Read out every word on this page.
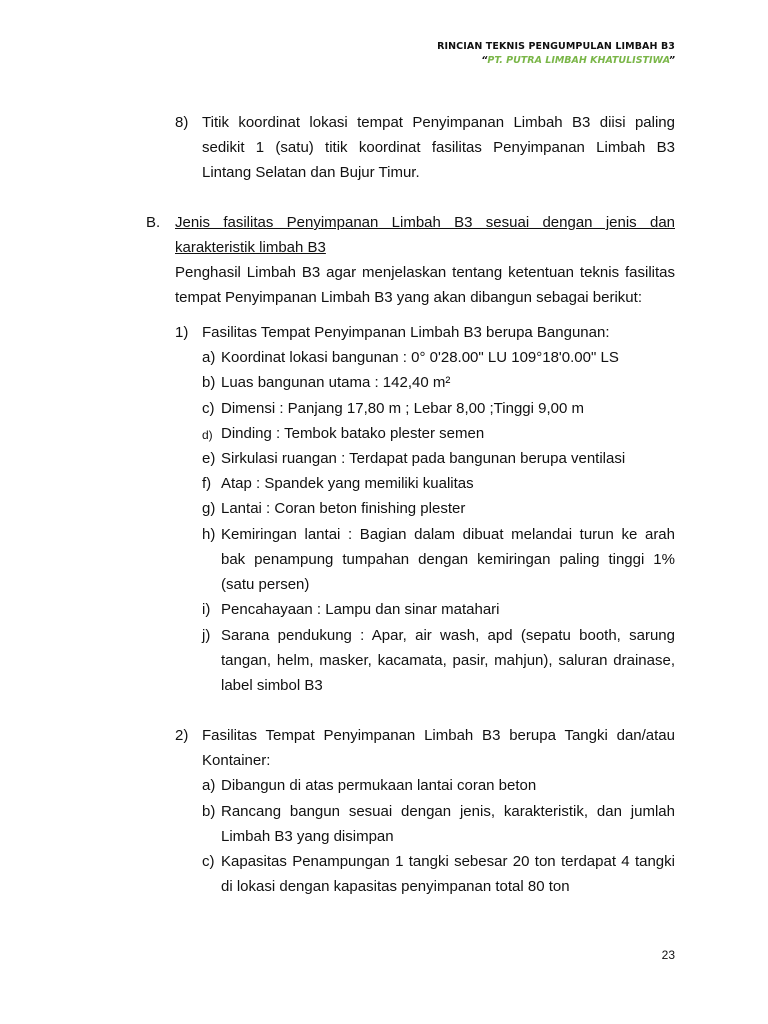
RINCIAN TEKNIS PENGUMPULAN LIMBAH B3
“PT. PUTRA LIMBAH KHATULISTIWA”
8) Titik koordinat lokasi tempat Penyimpanan Limbah B3 diisi paling
sedikit 1 (satu) titik koordinat fasilitas Penyimpanan Limbah B3
Lintang Selatan dan Bujur Timur.
B. Jenis fasilitas Penyimpanan Limbah B3 sesuai dengan jenis dan
karakteristik limbah B3
Penghasil Limbah B3 agar menjelaskan tentang ketentuan teknis fasilitas
tempat Penyimpanan Limbah B3 yang akan dibangun sebagai berikut:
1) Fasilitas Tempat Penyimpanan Limbah B3 berupa Bangunan:
a) Koordinat lokasi bangunan : 0° 0'28.00" LU 109°18'0.00" LS
b) Luas bangunan utama : 142,40 m²
c) Dimensi : Panjang 17,80 m ; Lebar 8,00 ;Tinggi 9,00 m
d) Dinding : Tembok batako plester semen
e) Sirkulasi ruangan : Terdapat pada bangunan berupa ventilasi
f) Atap : Spandek yang memiliki kualitas
g) Lantai : Coran beton finishing plester
h) Kemiringan lantai : Bagian dalam dibuat melandai turun ke arah
bak penampung tumpahan dengan kemiringan paling tinggi 1%
(satu persen)
i) Pencahayaan : Lampu dan sinar matahari
j) Sarana pendukung : Apar, air wash, apd (sepatu booth, sarung
tangan, helm, masker, kacamata, pasir, mahjun), saluran drainase,
label simbol B3
2) Fasilitas Tempat Penyimpanan Limbah B3 berupa Tangki dan/atau
Kontainer:
a) Dibangun di atas permukaan lantai coran beton
b) Rancang bangun sesuai dengan jenis, karakteristik, dan jumlah
Limbah B3 yang disimpan
c) Kapasitas Penampungan 1 tangki sebesar 20 ton terdapat 4 tangki
di lokasi dengan kapasitas penyimpanan total 80 ton
23
